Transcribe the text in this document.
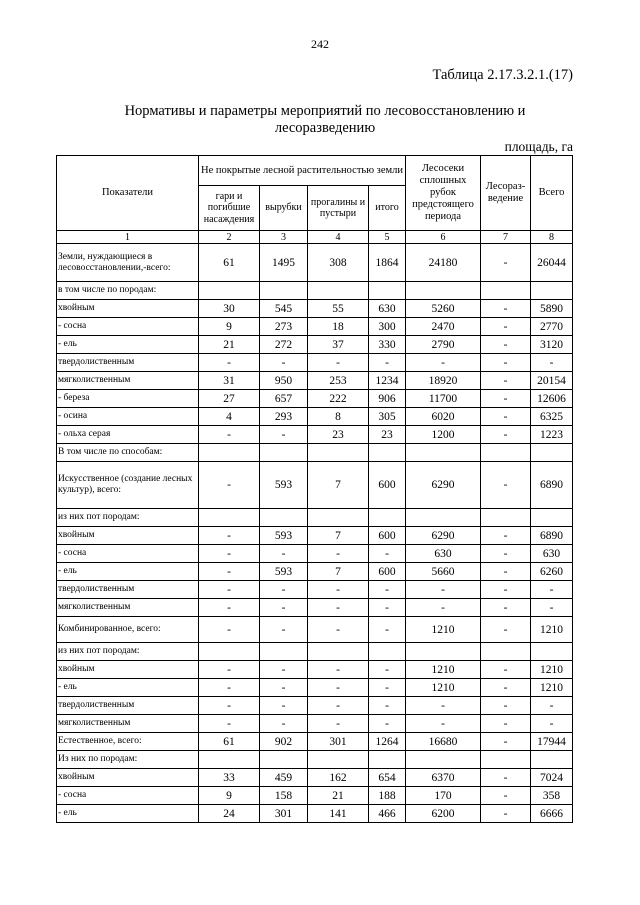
242
Таблица 2.17.3.2.1.(17)
Нормативы и параметры мероприятий по лесовосстановлению и лесоразведению
площадь, га
Показатели	Не покрытые лесной растительностью земли				Лесосеки сплошных рубок предстоящего периода	Лесораз-ведение	Всего
	гари и погибшие насаждения	вырубки	прогалины и пустыри	итого			
1	2	3	4	5	6	7	8
Земли, нуждающиеся в лесовосстановлении,-всего:	61	1495	308	1864	24180	-	26044
в том числе по породам:							
хвойным	30	545	55	630	5260	-	5890
- сосна	9	273	18	300	2470	-	2770
- ель	21	272	37	330	2790	-	3120
твердолиственным	-	-	-	-	-	-	-
мягколиственным	31	950	253	1234	18920	-	20154
- береза	27	657	222	906	11700	-	12606
- осина	4	293	8	305	6020	-	6325
- ольха серая	-	-	23	23	1200	-	1223
В том числе по способам:							
Искусственное (создание лесных культур), всего:	-	593	7	600	6290	-	6890
из них пот породам:							
хвойным	-	593	7	600	6290	-	6890
- сосна	-	-	-	-	630	-	630
- ель	-	593	7	600	5660	-	6260
твердолиственным	-	-	-	-	-	-	-
мягколиственным	-	-	-	-	-	-	-
Комбинированное, всего:	-	-	-	-	1210	-	1210
из них пот породам:							
хвойным	-	-	-	-	1210	-	1210
- ель	-	-	-	-	1210	-	1210
твердолиственным	-	-	-	-	-	-	-
мягколиственным	-	-	-	-	-	-	-
Естественное, всего:	61	902	301	1264	16680	-	17944
Из них по породам:							
хвойным	33	459	162	654	6370	-	7024
- сосна	9	158	21	188	170	-	358
- ель	24	301	141	466	6200	-	6666
